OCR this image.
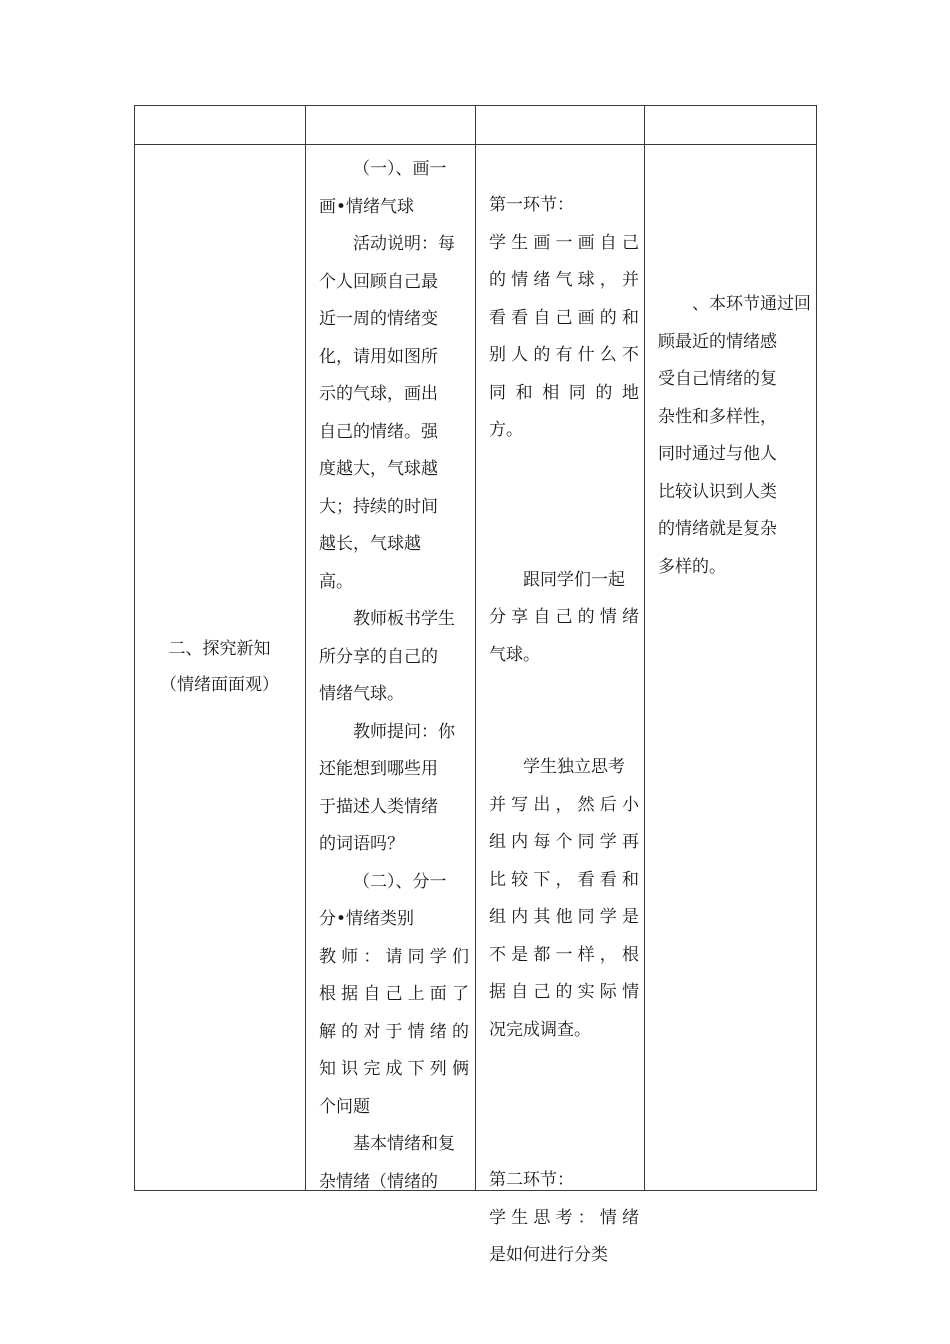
二、探究新知

（情绪面面观）

（一）、画一

画•情绪气球

活动说明：每

个人回顾自己最

近一周的情绪变

化，请用如图所

示的气球，画出

自己的情绪。强

度越大，气球越

大；持续的时间

越长，气球越

高。

教师板书学生

所分享的自己的

情绪气球。

教师提问：你

还能想到哪些用

于描述人类情绪

的词语吗？

（二）、分一

分•情绪类别

教 师 ： 请 同 学 们

根 据 自 己 上 面 了

解 的 对 于 情 绪 的

知 识 完 成 下 列 俩

个问题

基本情绪和复

杂情绪（情绪的

第一环节：

学 生 画 一 画 自 己

的 情 绪 气 球 ， 并

看 看 自 己 画 的 和

别 人 的 有 什 么 不

同 和 相 同 的 地

方。

跟同学们一起

分 享 自 己 的 情 绪

气球。

学生独立思考

并 写 出 ， 然 后 小

组 内 每 个 同 学 再

比 较 下 ， 看 看 和

组 内 其 他 同 学 是

不 是 都 一 样 ， 根

据 自 己 的 实 际 情

况完成调查。

第二环节：

学 生 思 考 ： 情 绪

是如何进行分类

、本环节通过回

顾最近的情绪感

受自己情绪的复

杂性和多样性，

同时通过与他人

比较认识到人类

的情绪就是复杂

多样的。
